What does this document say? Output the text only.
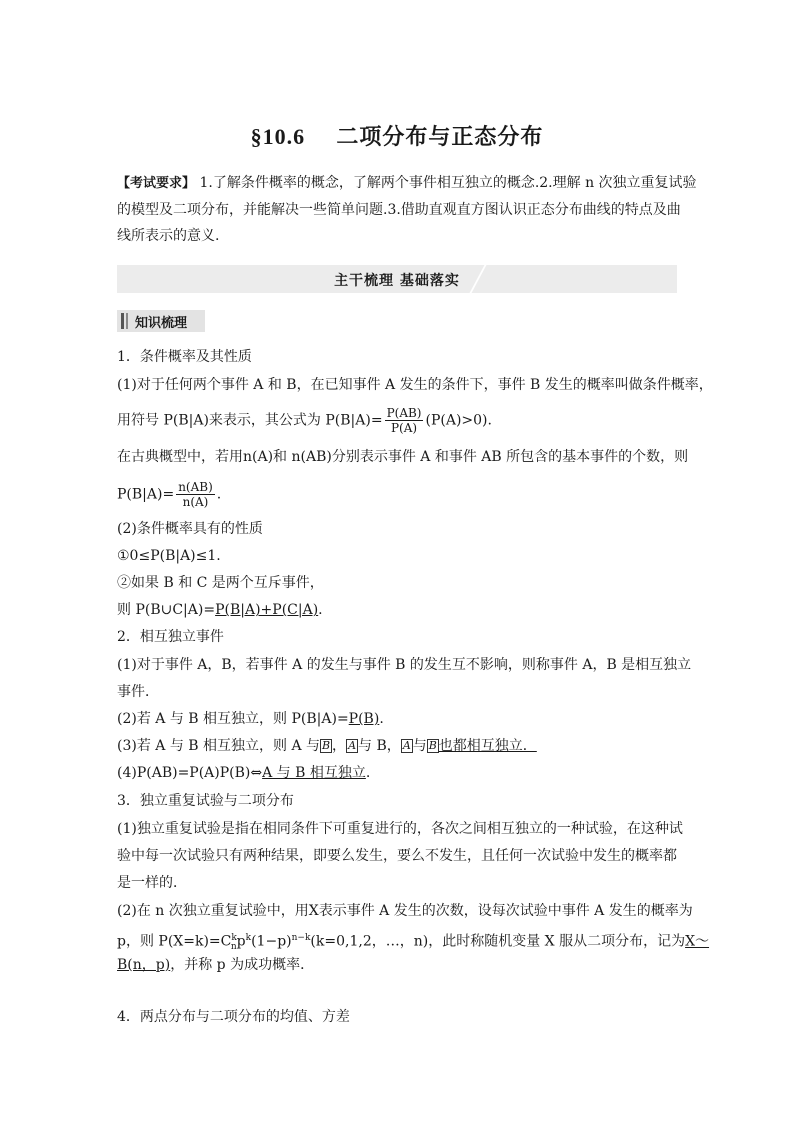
§10.6 二项分布与正态分布
【考试要求】 1.了解条件概率的概念，了解两个事件相互独立的概念.2.理解 n 次独立重复试验
的模型及二项分布，并能解决一些简单问题.3.借助直观直方图认识正态分布曲线的特点及曲
线所表示的意义.
主干梳理 基础落实
知识梳理
1．条件概率及其性质
(1)对于任何两个事件 A 和 B，在已知事件 A 发生的条件下，事件 B 发生的概率叫做条件概率，
用符号 P(B|A)来表示，其公式为 $P(B|A)= \frac{P(AB)}{P(A)} (P(A)>0)$.
在古典概型中，若用n(A)和 n(AB)分别表示事件 A 和事件 AB 所包含的基本事件的个数，则
$P(B|A)= \frac{n(AB)}{n(A)}$ .
(2)条件概率具有的性质
①0≤P(B|A)≤1.
②如果 B 和 C 是两个互斥事件，
则 P(B∪C|A)=P(B|A)+P(C|A).
2．相互独立事件
(1)对于事件 A，B，若事件 A 的发生与事件 B 的发生互不影响，则称事件 A，B 是相互独立
事件．
(2)若 A 与 B 相互独立，则 P(B|A)=P(B).
(3)若 A 与 B 相互独立，则 A 与 B ， A 与 B， A 与 B 也都相互独立．
(4)P(AB)=P(A)P(B)⇔A 与 B 相互独立.
3．独立重复试验与二项分布
(1)独立重复试验是指在相同条件下可重复进行的，各次之间相互独立的一种试验，在这种试
验中每一次试验只有两种结果，即要么发生，要么不发生，且任何一次试验中发生的概率都
是一样的．
(2)在 n 次独立重复试验中，用X表示事件 A 发生的次数，设每次试验中事件 A 发生的概率为
p，则 $P(X=k)=C^k_np^k(1-p)^{n-k}(k=0,1,2$，…，n)，此时称随机变量 X 服从二项分布，记为X～
B(n，p)，并称 p 为成功概率．
4．两点分布与二项分布的均值、方差
